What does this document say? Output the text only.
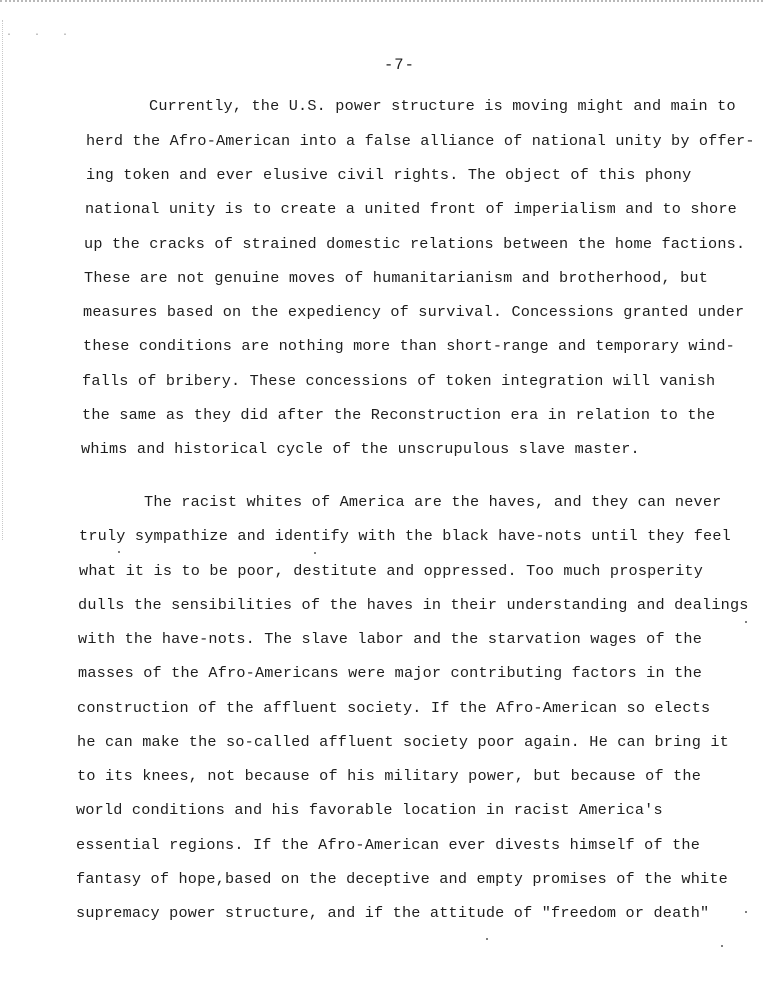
· · ·
-7-
Currently, the U.S. power structure is moving might and main to
herd the Afro-American into a false alliance of national unity by offer-
ing token and ever elusive civil rights. The object of this phony
national unity is to create a united front of imperialism and to shore
up the cracks of strained domestic relations between the home factions.
These are not genuine moves of humanitarianism and brotherhood, but
measures based on the expediency of survival. Concessions granted under
these conditions are nothing more than short-range and temporary wind-
falls of bribery. These concessions of token integration will vanish
the same as they did after the Reconstruction era in relation to the
whims and historical cycle of the unscrupulous slave master.
The racist whites of America are the haves, and they can never
truly sympathize and identify with the black have-nots until they feel
what it is to be poor, destitute and oppressed. Too much prosperity
dulls the sensibilities of the haves in their understanding and dealings
with the have-nots. The slave labor and the starvation wages of the
masses of the Afro-Americans were major contributing factors in the
construction of the affluent society. If the Afro-American so elects
he can make the so-called affluent society poor again. He can bring it
to its knees, not because of his military power, but because of the
world conditions and his favorable location in racist America's
essential regions. If the Afro-American ever divests himself of the
fantasy of hope,based on the deceptive and empty promises of the white
supremacy power structure, and if the attitude of "freedom or death"
